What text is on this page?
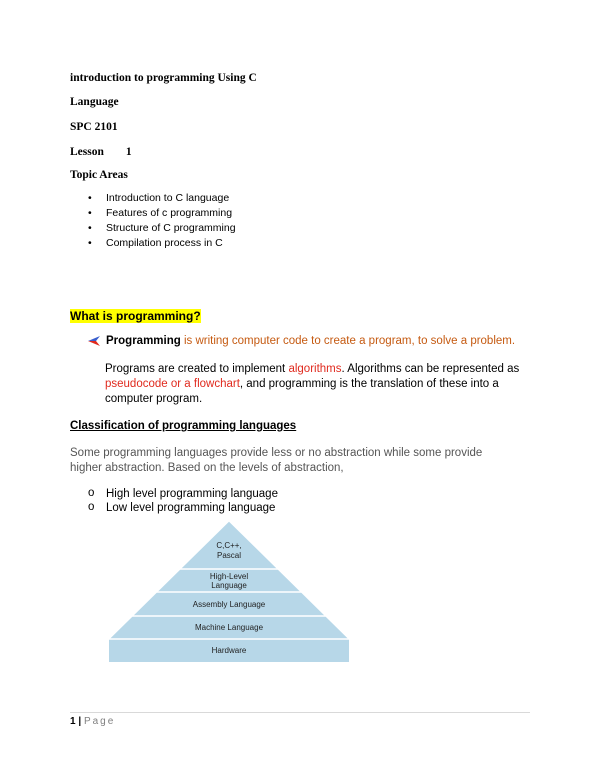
introduction to programming Using C
Language
SPC 2101
Lesson 1
Topic Areas
• Introduction to C language
• Features of c programming
• Structure of C programming
• Compilation process in C
What is programming?
Programming is writing computer code to create a program, to solve a problem.
Programs are created to implement algorithms. Algorithms can be represented as pseudocode or a flowchart, and programming is the translation of these into a computer program.
Classification of programming languages
Some programming languages provide less or no abstraction while some provide higher abstraction. Based on the levels of abstraction,
o High level programming language
o Low level programming language
C,C++,
Pascal
High-Level
Language
Assembly Language
Machine Language
Hardware
1 | Page
